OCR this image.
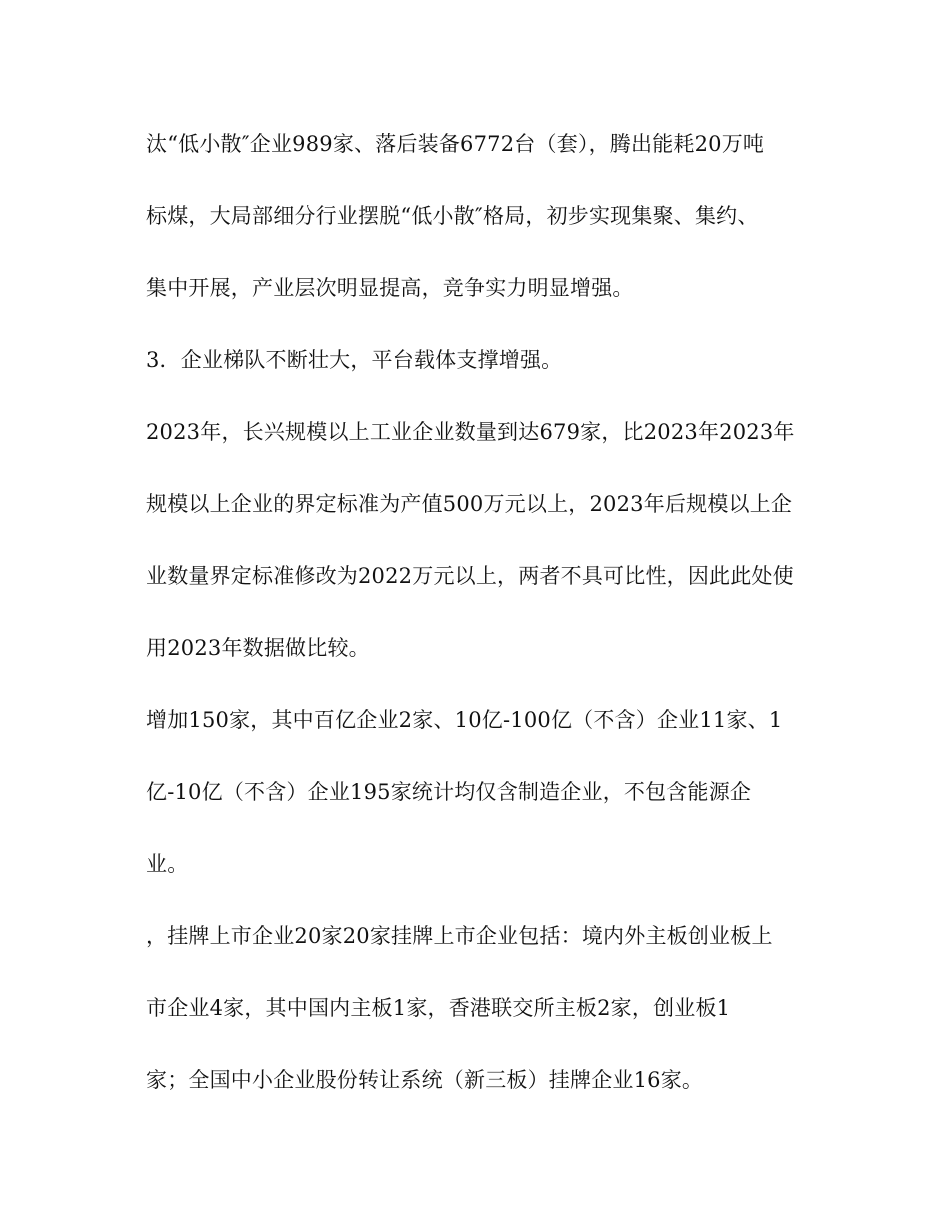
汰“低小散″企业989家、落后装备6772台（套），腾出能耗20万吨
标煤，大局部细分行业摆脱“低小散″格局，初步实现集聚、集约、
集中开展，产业层次明显提高，竞争实力明显增强。
3．企业梯队不断壮大，平台载体支撑增强。
2023年，长兴规模以上工业企业数量到达679家，比2023年2023年
规模以上企业的界定标准为产值500万元以上，2023年后规模以上企
业数量界定标准修改为2022万元以上，两者不具可比性，因此此处使
用2023年数据做比较。
增加150家，其中百亿企业2家、10亿-100亿（不含）企业11家、1
亿-10亿（不含）企业195家统计均仅含制造企业，不包含能源企
业。
，挂牌上市企业20家20家挂牌上市企业包括：境内外主板创业板上
市企业4家，其中国内主板1家，香港联交所主板2家，创业板1
家；全国中小企业股份转让系统（新三板）挂牌企业16家。
